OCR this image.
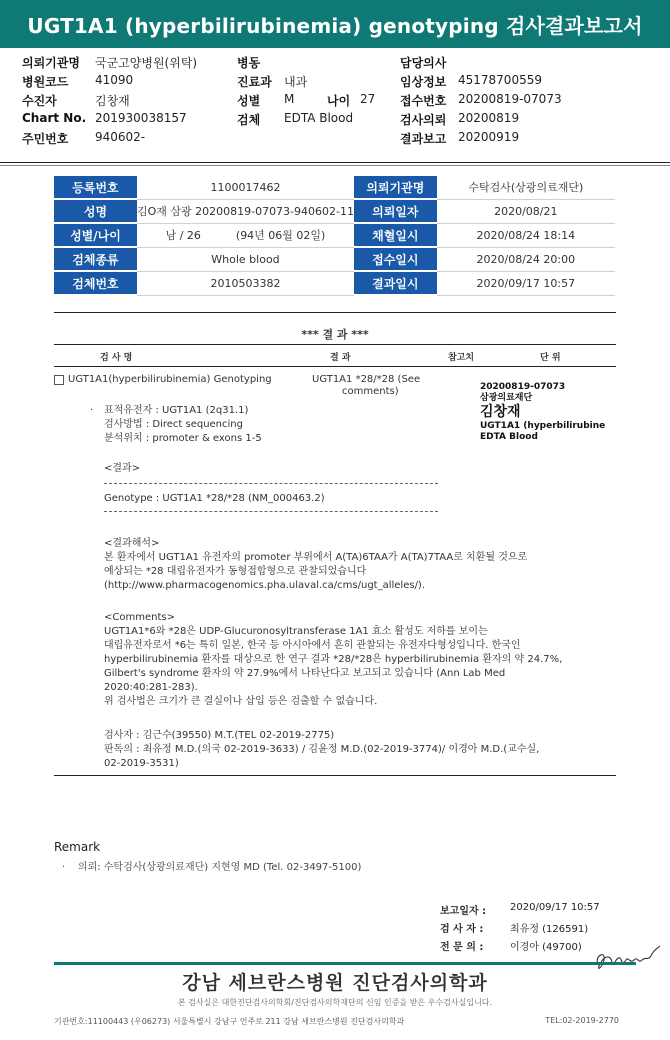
UGT1A1 (hyperbilirubinemia) genotyping 검사결과보고서
의뢰기관명 국군고양병원(위탁)	병동	담당의사
병원코드 41090	진료과 내과	임상정보 45178700559
수진자	김창재	성별 M	나이 27 접수번호 20200819-07073
Chart No. 201930038157	검체 EDTA Blood	검사의뢰 20200819
주민번호 940602-	결과보고 20200919
등록번호	1100017462	의뢰기관명	수탁검사(상광의료재단)
성명	김O재 삼광 20200819-07073-940602-11	의뢰일자	2020/08/21
성별/나이	남 / 26          (94년 06월 02일)	채혈일시	2020/08/24 18:14
검체종류	Whole blood	접수일시	2020/08/24 20:00
검체번호	2010503382	결과일시	2020/09/17 10:57
*** 결 과 ***
검 사 명	결 과	참고치	단 위
UGT1A1(hyperbilirubinemia) Genotyping	UGT1A1 *28/*28 (See
comments)	20200819-07073
삼광의료재단
김창재
UGT1A1 (hyperbilirubine
EDTA Blood
·	표적유전자 : UGT1A1 (2q31.1)
검사방법 : Direct sequencing
분석위치 : promoter & exons 1-5
<결과>
Genotype : UGT1A1 *28/*28 (NM_000463.2)
<결과해석>
본 환자에서 UGT1A1 유전자의 promoter 부위에서 A(TA)6TAA가 A(TA)7TAA로 치환될 것으로
예상되는 *28 대립유전자가 동형접합형으로 관찰되었습니다
(http://www.pharmacogenomics.pha.ulaval.ca/cms/ugt_alleles/).
<Comments>
UGT1A1*6와 *28은 UDP-Glucuronosyltransferase 1A1 효소 활성도 저하를 보이는
대립유전자로서 *6는 특히 일본, 한국 등 아시아에서 흔히 관찰되는 유전자다형성입니다. 한국인
hyperbilirubinemia 환자를 대상으로 한 연구 결과 *28/*28은 hyperbilirubinemia 환자의 약 24.7%,
Gilbert's syndrome 환자의 약 27.9%에서 나타난다고 보고되고 있습니다 (Ann Lab Med
2020:40:281-283).
위 검사법은 크기가 큰 결실이나 삽입 등은 검출할 수 없습니다.
검사자 : 김근수(39550) M.T.(TEL 02-2019-2775)
판독의 : 최유정 M.D.(의국 02-2019-3633) / 김윤정 M.D.(02-2019-3774)/ 이경아 M.D.(교수실,
02-2019-3531)
Remark
·    의뢰: 수탁검사(상광의료재단) 지현영 MD (Tel. 02-3497-5100)
보고일자 :	2020/09/17 10:57
검 사 자 :	최유정 (126591)
전 문 의 :	이경아 (49700)
강남 세브란스병원 진단검사의학과
본 검사실은 대한진단검사의학회/진단검사의학재단의 신임 인증을 받은 우수검사실입니다.
기관번호:11100443 (우06273) 서울특별시 강남구 언주로 211 강남 세브란스병원 진단검사의학과	TEL:02-2019-2770
